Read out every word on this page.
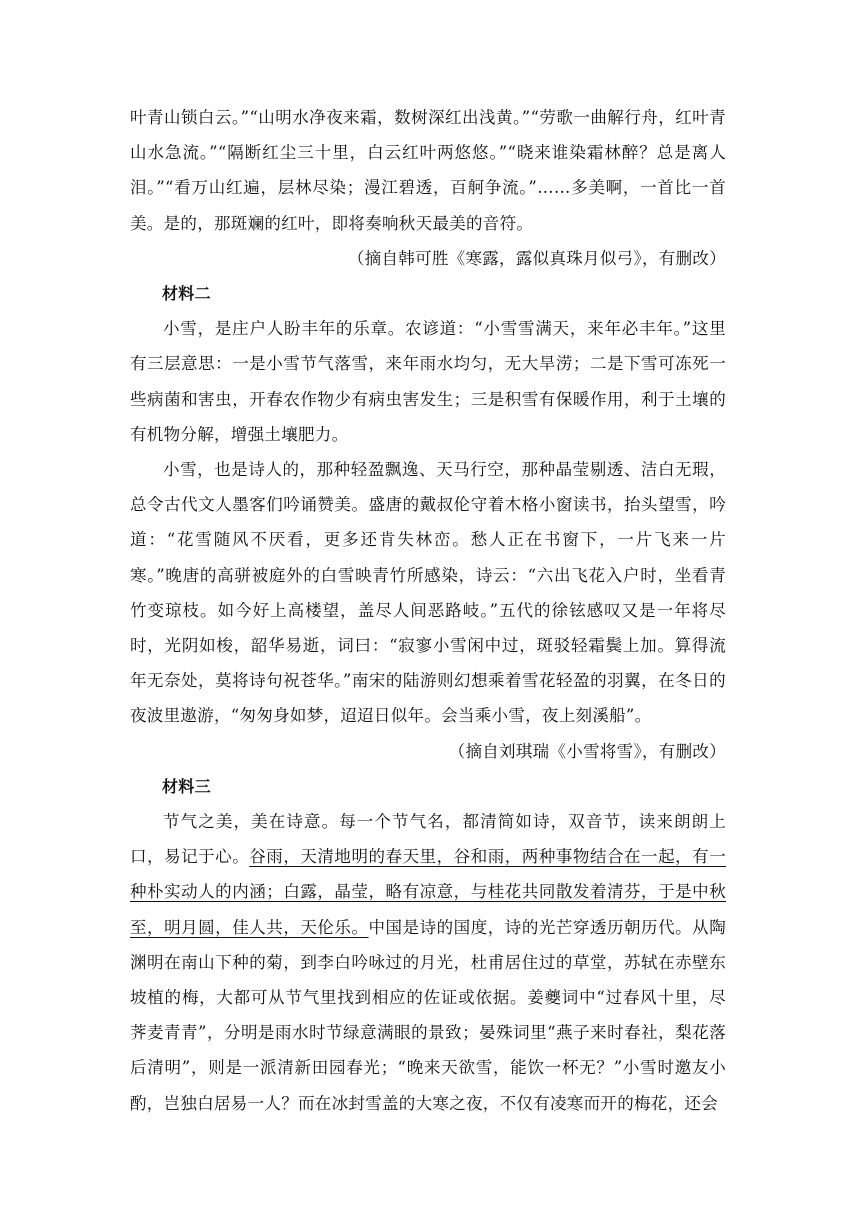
叶青山锁白云。”“山明水净夜来霜，数树深红出浅黄。”“劳歌一曲解行舟，红叶青山水急流。”“隔断红尘三十里，白云红叶两悠悠。”“晓来谁染霜林醉？总是离人泪。”“看万山红遍，层林尽染；漫江碧透，百舸争流。”……多美啊，一首比一首美。是的，那斑斓的红叶，即将奏响秋天最美的音符。

（摘自韩可胜《寒露，露似真珠月似弓》，有删改）

材料二

小雪，是庄户人盼丰年的乐章。农谚道：“小雪雪满天，来年必丰年。”这里有三层意思：一是小雪节气落雪，来年雨水均匀，无大旱涝；二是下雪可冻死一些病菌和害虫，开春农作物少有病虫害发生；三是积雪有保暖作用，利于土壤的有机物分解，增强土壤肥力。

小雪，也是诗人的，那种轻盈飘逸、天马行空，那种晶莹剔透、洁白无瑕，总令古代文人墨客们吟诵赞美。盛唐的戴叔伦守着木格小窗读书，抬头望雪，吟道：“花雪随风不厌看，更多还肯失林峦。愁人正在书窗下，一片飞来一片寒。”晚唐的高骈被庭外的白雪映青竹所感染，诗云：“六出飞花入户时，坐看青竹变琼枝。如今好上高楼望，盖尽人间恶路岐。”五代的徐铉感叹又是一年将尽时，光阴如梭，韶华易逝，词曰：“寂寥小雪闲中过，斑驳轻霜鬓上加。算得流年无奈处，莫将诗句祝苍华。”南宋的陆游则幻想乘着雪花轻盈的羽翼，在冬日的夜波里遨游，“匆匆身如梦，迢迢日似年。会当乘小雪，夜上刻溪船”。

（摘自刘琪瑞《小雪将雪》，有删改）

材料三

节气之美，美在诗意。每一个节气名，都清简如诗，双音节，读来朗朗上口，易记于心。谷雨，天清地明的春天里，谷和雨，两种事物结合在一起，有一种朴实动人的内涵；白露，晶莹，略有凉意，与桂花共同散发着清芬，于是中秋至，明月圆，佳人共，天伦乐。中国是诗的国度，诗的光芒穿透历朝历代。从陶渊明在南山下种的菊，到李白吟咏过的月光，杜甫居住过的草堂，苏轼在赤壁东坡植的梅，大都可从节气里找到相应的佐证或依据。姜夔词中“过春风十里，尽荠麦青青”，分明是雨水时节绿意满眼的景致；晏殊词里“燕子来时春社，梨花落后清明”，则是一派清新田园春光；“晚来天欲雪，能饮一杯无？”小雪时邀友小酌，岂独白居易一人？而在冰封雪盖的大寒之夜，不仅有凌寒而开的梅花，还会
